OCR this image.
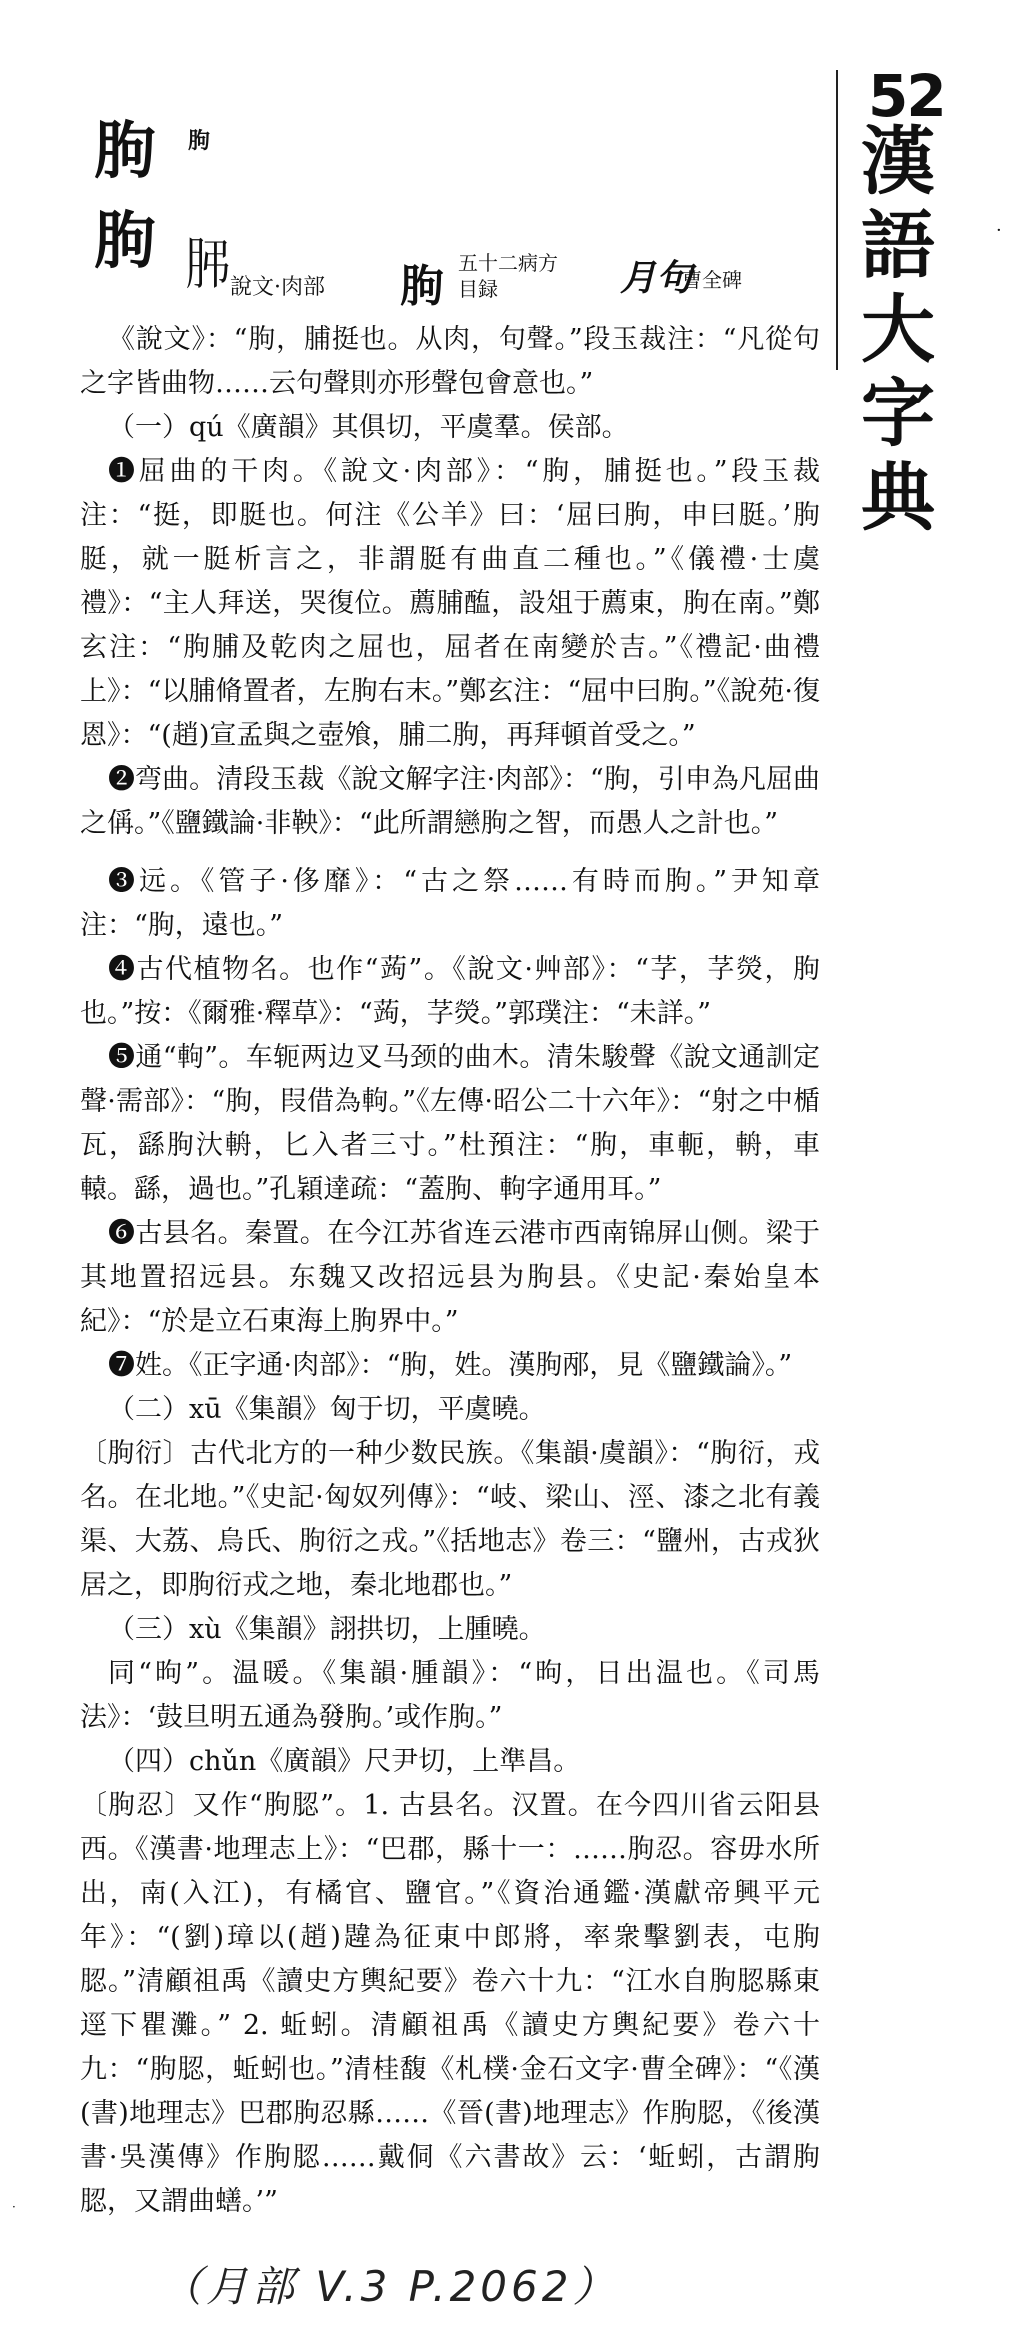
52
漢
語
大
字
典
·
朐 朐
朐 𦙨 說文·肉部 朐 五十二病方
目録	月句
曹全碑

《說文》：“朐，脯挺也。从肉，句聲。”段玉裁注：“凡從句之字皆曲物……云句聲則亦形聲包會意也。”

（一）qú《廣韻》其俱切，平虞羣。侯部。

❶屈曲的干肉。《說文·肉部》：“朐，脯挺也。”段玉裁注：“挺，即脡也。何注《公羊》曰：‘屈曰朐，申曰脡。’朐脡，就一脡析言之，非謂脡有曲直二種也。”《儀禮·士虞禮》：“主人拜送，哭復位。薦脯醢，設俎于薦東，朐在南。”鄭玄注：“朐脯及乾肉之屈也，屈者在南變於吉。”《禮記·曲禮上》：“以脯脩置者，左朐右末。”鄭玄注：“屈中曰朐。”《說苑·復恩》：“(趙)宣孟與之壺飧，脯二朐，再拜頓首受之。”

❷弯曲。清段玉裁《說文解字注·肉部》：“朐，引申為凡屈曲之偁。”《鹽鐵論·非鞅》：“此所謂戀朐之智，而愚人之計也。”

❸远。《管子·侈靡》：“古之祭……有時而朐。”尹知章注：“朐，遠也。”

❹古代植物名。也作“蒟”。《說文·艸部》：“芓，芓熒，朐也。”按：《爾雅·釋草》：“蒟，芓熒。”郭璞注：“未詳。”

❺通“軥”。车轭两边叉马颈的曲木。清朱駿聲《說文通訓定聲·需部》：“朐，叚借為軥。”《左傳·昭公二十六年》：“射之中楯瓦，繇朐汏輈，匕入者三寸。”杜預注：“朐，車軛，輈，車轅。繇，過也。”孔穎達疏：“蓋朐、軥字通用耳。”

❻古县名。秦置。在今江苏省连云港市西南锦屏山侧。梁于其地置招远县。东魏又改招远县为朐县。《史記·秦始皇本紀》：“於是立石東海上朐界中。”

❼姓。《正字通·肉部》：“朐，姓。漢朐邴，見《鹽鐵論》。”

（二）xū《集韻》匈于切，平虞曉。

〔朐衍〕古代北方的一种少数民族。《集韻·虞韻》：“朐衍，戎名。在北地。”《史記·匈奴列傳》：“岐、梁山、涇、漆之北有義渠、大荔、烏氏、朐衍之戎。”《括地志》卷三：“鹽州，古戎狄居之，即朐衍戎之地，秦北地郡也。”

（三）xù《集韻》詡拱切，上腫曉。

同“昫”。温暖。《集韻·腫韻》：“昫，日出温也。《司馬法》：‘鼓旦明五通為發朐。’或作朐。”

（四）chǔn《廣韻》尺尹切，上準昌。

〔朐忍〕又作“朐䏰”。1. 古县名。汉置。在今四川省云阳县西。《漢書·地理志上》：“巴郡，縣十一：……朐忍。容毋水所出，南(入江)，有橘官、鹽官。”《資治通鑑·漢獻帝興平元年》：“(劉)璋以(趙)韙為征東中郎將，率衆擊劉表，屯朐䏰。”清顧祖禹《讀史方輿紀要》卷六十九：“江水自朐䏰縣東逕下瞿灘。” 2. 蚯蚓。清顧祖禹《讀史方輿紀要》卷六十九：“朐䏰，蚯蚓也。”清桂馥《札樸·金石文字·曹全碑》：“《漢(書)地理志》巴郡朐忍縣……《晉(書)地理志》作朐䏰，《後漢書·吳漢傳》作朐䏰……戴侗《六書故》云：‘蚯蚓，古謂朐䏰，又謂曲蟮。’”

（月部 V.3 P.2062）
·
